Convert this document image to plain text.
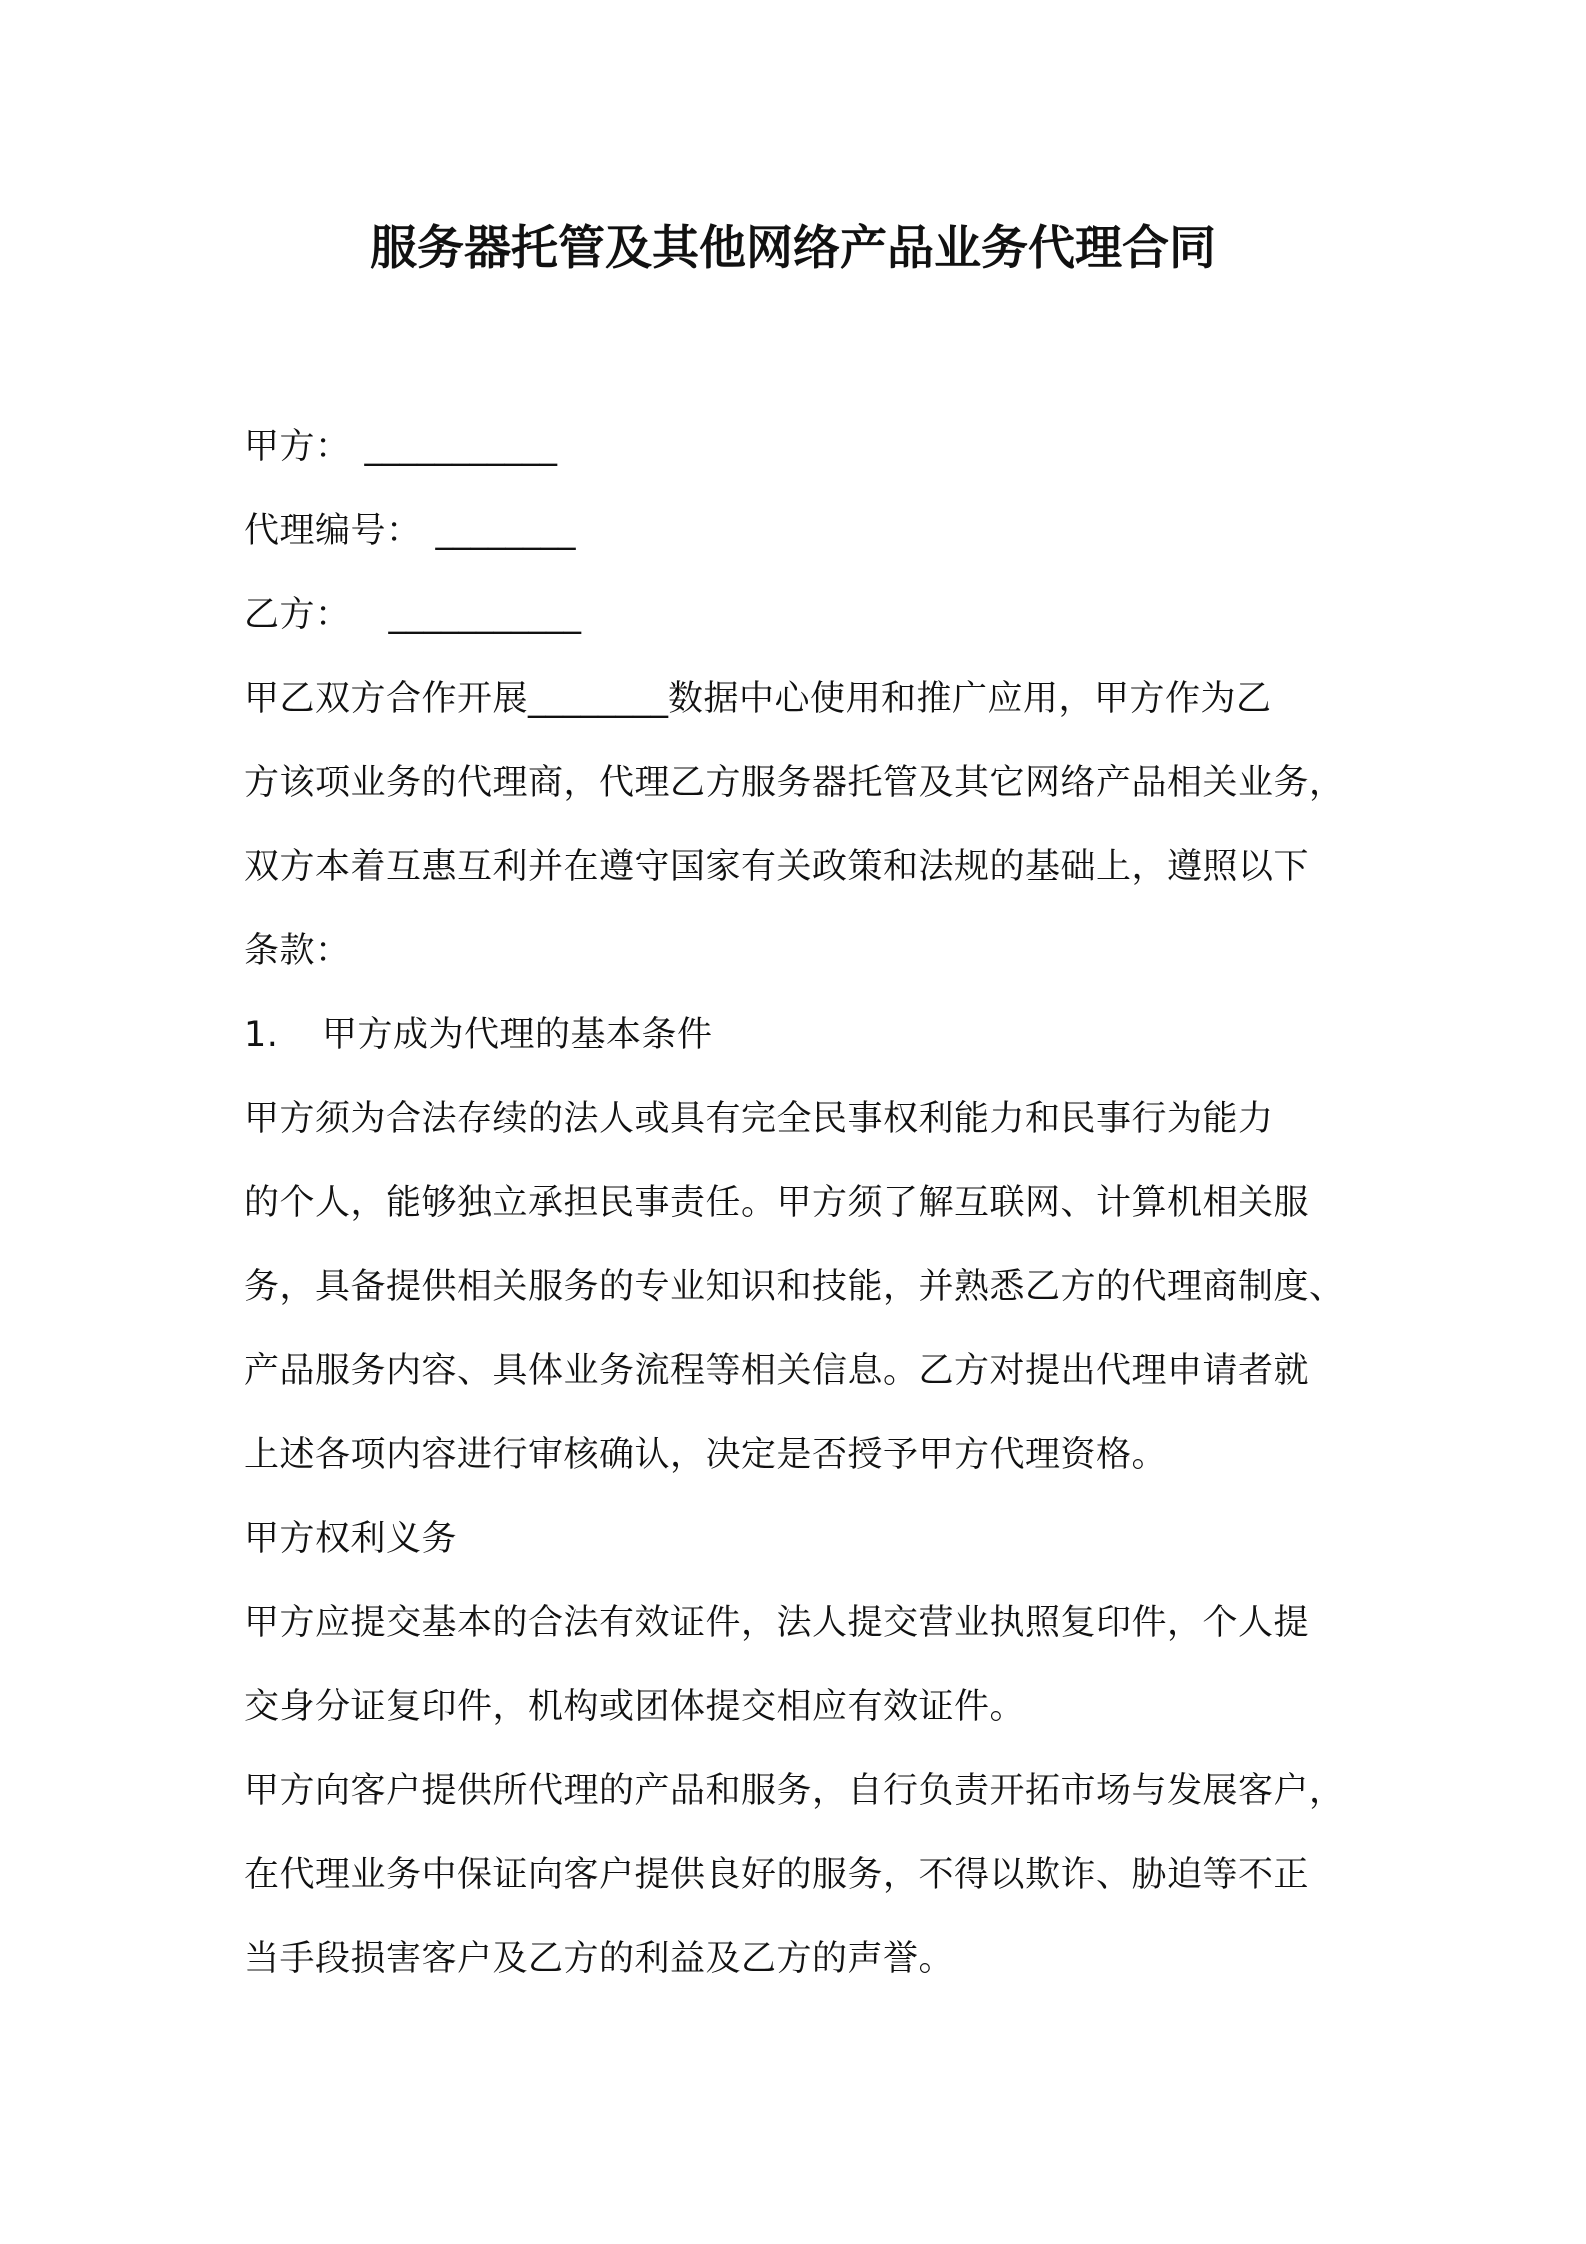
服务器托管及其他网络产品业务代理合同
甲方： ___________
代理编号： ________
乙方： ___________
甲乙双方合作开展________数据中心使用和推广应用，甲方作为乙
方该项业务的代理商，代理乙方服务器托管及其它网络产品相关业务，
双方本着互惠互利并在遵守国家有关政策和法规的基础上，遵照以下
条款：
1. 甲方成为代理的基本条件
甲方须为合法存续的法人或具有完全民事权利能力和民事行为能力
的个人，能够独立承担民事责任。甲方须了解互联网、计算机相关服
务，具备提供相关服务的专业知识和技能，并熟悉乙方的代理商制度、
产品服务内容、具体业务流程等相关信息。乙方对提出代理申请者就
上述各项内容进行审核确认，决定是否授予甲方代理资格。
甲方权利义务
甲方应提交基本的合法有效证件，法人提交营业执照复印件，个人提
交身分证复印件，机构或团体提交相应有效证件。
甲方向客户提供所代理的产品和服务，自行负责开拓市场与发展客户，
在代理业务中保证向客户提供良好的服务，不得以欺诈、胁迫等不正
当手段损害客户及乙方的利益及乙方的声誉。
